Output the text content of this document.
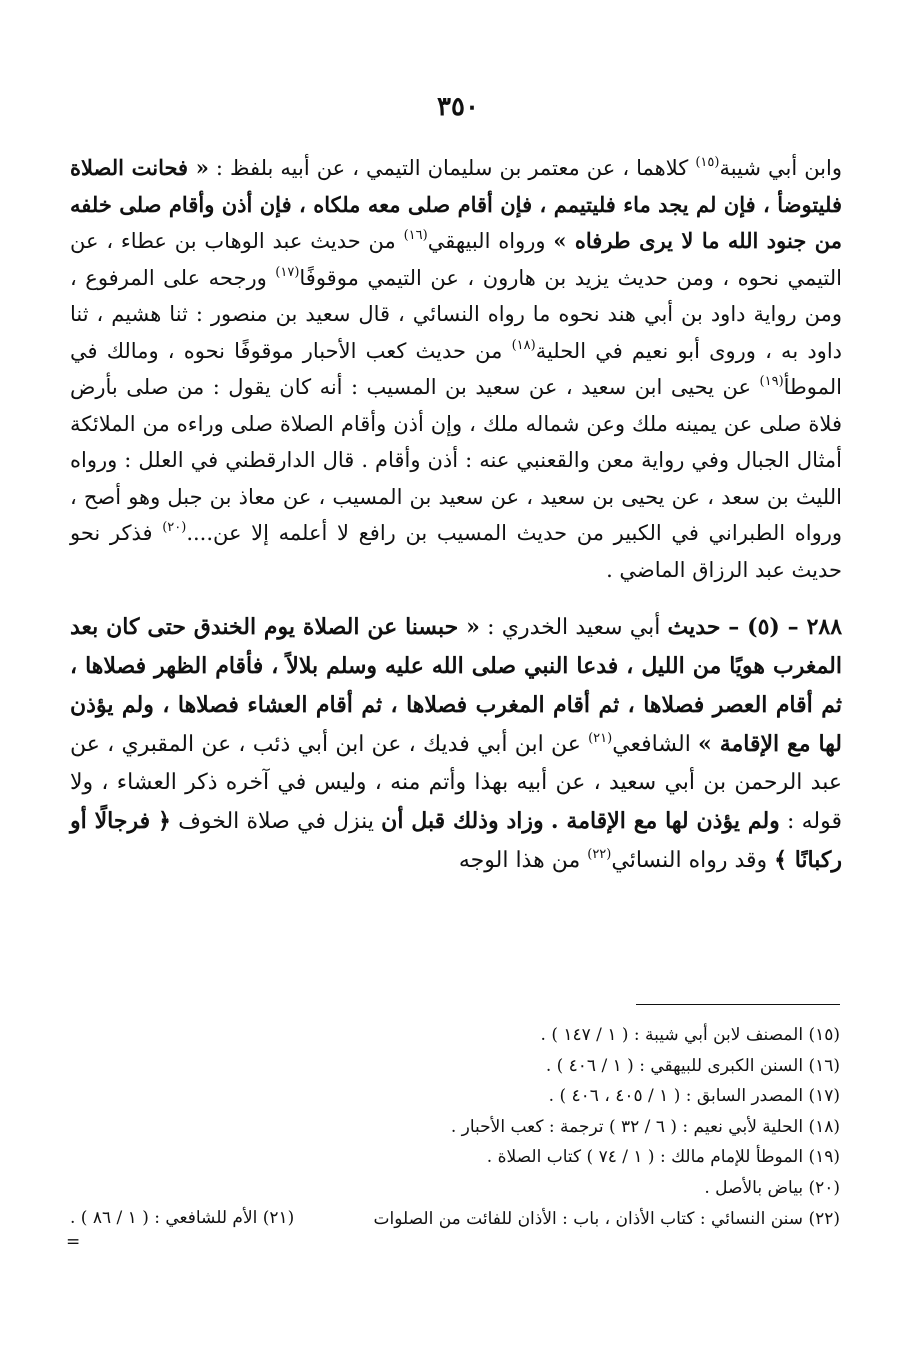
٣٥٠

وابن أبي شيبة$^{(١٥)}$ كلاهما ، عن معتمر بن سليمان التيمي ، عن أبيه بلفظ : « فحانت الصلاة فليتوضأ ، فإن لم يجد ماء فليتيمم ، فإن أقام صلى معه ملكاه ، فإن أذن وأقام صلى خلفه من جنود الله ما لا يرى طرفاه » ورواه البيهقي$^{(١٦)}$ من حديث عبد الوهاب بن عطاء ، عن التيمي نحوه ، ومن حديث يزيد بن هارون ، عن التيمي موقوفًا$^{(١٧)}$ ورجحه على المرفوع ، ومن رواية داود بن أبي هند نحوه ما رواه النسائي ، قال سعيد بن منصور : ثنا هشيم ، ثنا داود به ، وروى أبو نعيم في الحلية$^{(١٨)}$ من حديث كعب الأحبار موقوفًا نحوه ، ومالك في الموطأ$^{(١٩)}$ عن يحيى ابن سعيد ، عن سعيد بن المسيب : أنه كان يقول : من صلى بأرض فلاة صلى عن يمينه ملك وعن شماله ملك ، وإن أذن وأقام الصلاة صلى وراءه من الملائكة أمثال الجبال وفي رواية معن والقعنبي عنه : أذن وأقام . قال الدارقطني في العلل : ورواه الليث بن سعد ، عن يحيى بن سعيد ، عن سعيد بن المسيب ، عن معاذ بن جبل وهو أصح ، ورواه الطبراني في الكبير من حديث المسيب بن رافع لا أعلمه إلا عن....$^{(٢٠)}$ فذكر نحو حديث عبد الرزاق الماضي .

٢٨٨ – (٥) – حديث أبي سعيد الخدري : « حبسنا عن الصلاة يوم الخندق حتى كان بعد المغرب هويًا من الليل ، فدعا النبي صلى الله عليه وسلم بلالاً ، فأقام الظهر فصلاها ، ثم أقام العصر فصلاها ، ثم أقام المغرب فصلاها ، ثم أقام العشاء فصلاها ، ولم يؤذن لها مع الإقامة » الشافعي$^{(٢١)}$ عن ابن أبي فديك ، عن ابن أبي ذئب ، عن المقبري ، عن عبد الرحمن بن أبي سعيد ، عن أبيه بهذا وأتم منه ، وليس في آخره ذكر العشاء ، ولا قوله : ولم يؤذن لها مع الإقامة . وزاد وذلك قبل أن ينزل في صلاة الخوف ﴿ فرجالًا أو ركبانًا ﴾ وقد رواه النسائي$^{(٢٢)}$ من هذا الوجه

(١٥) المصنف لابن أبي شيبة : ( ١ / ١٤٧ ) .
(١٦) السنن الكبرى للبيهقي : ( ١ / ٤٠٦ ) .
(١٧) المصدر السابق : ( ١ / ٤٠٥ ، ٤٠٦ ) .
(١٨) الحلية لأبي نعيم : ( ٦ / ٣٢ ) ترجمة : كعب الأحبار .
(١٩) الموطأ للإمام مالك : ( ١ / ٧٤ ) كتاب الصلاة .
(٢٠) بياض بالأصل .
(٢٢) سنن النسائي : كتاب الأذان ، باب : الأذان للفائت من الصلوات
(٢١) الأم للشافعي : ( ١ / ٨٦ ) .
=
